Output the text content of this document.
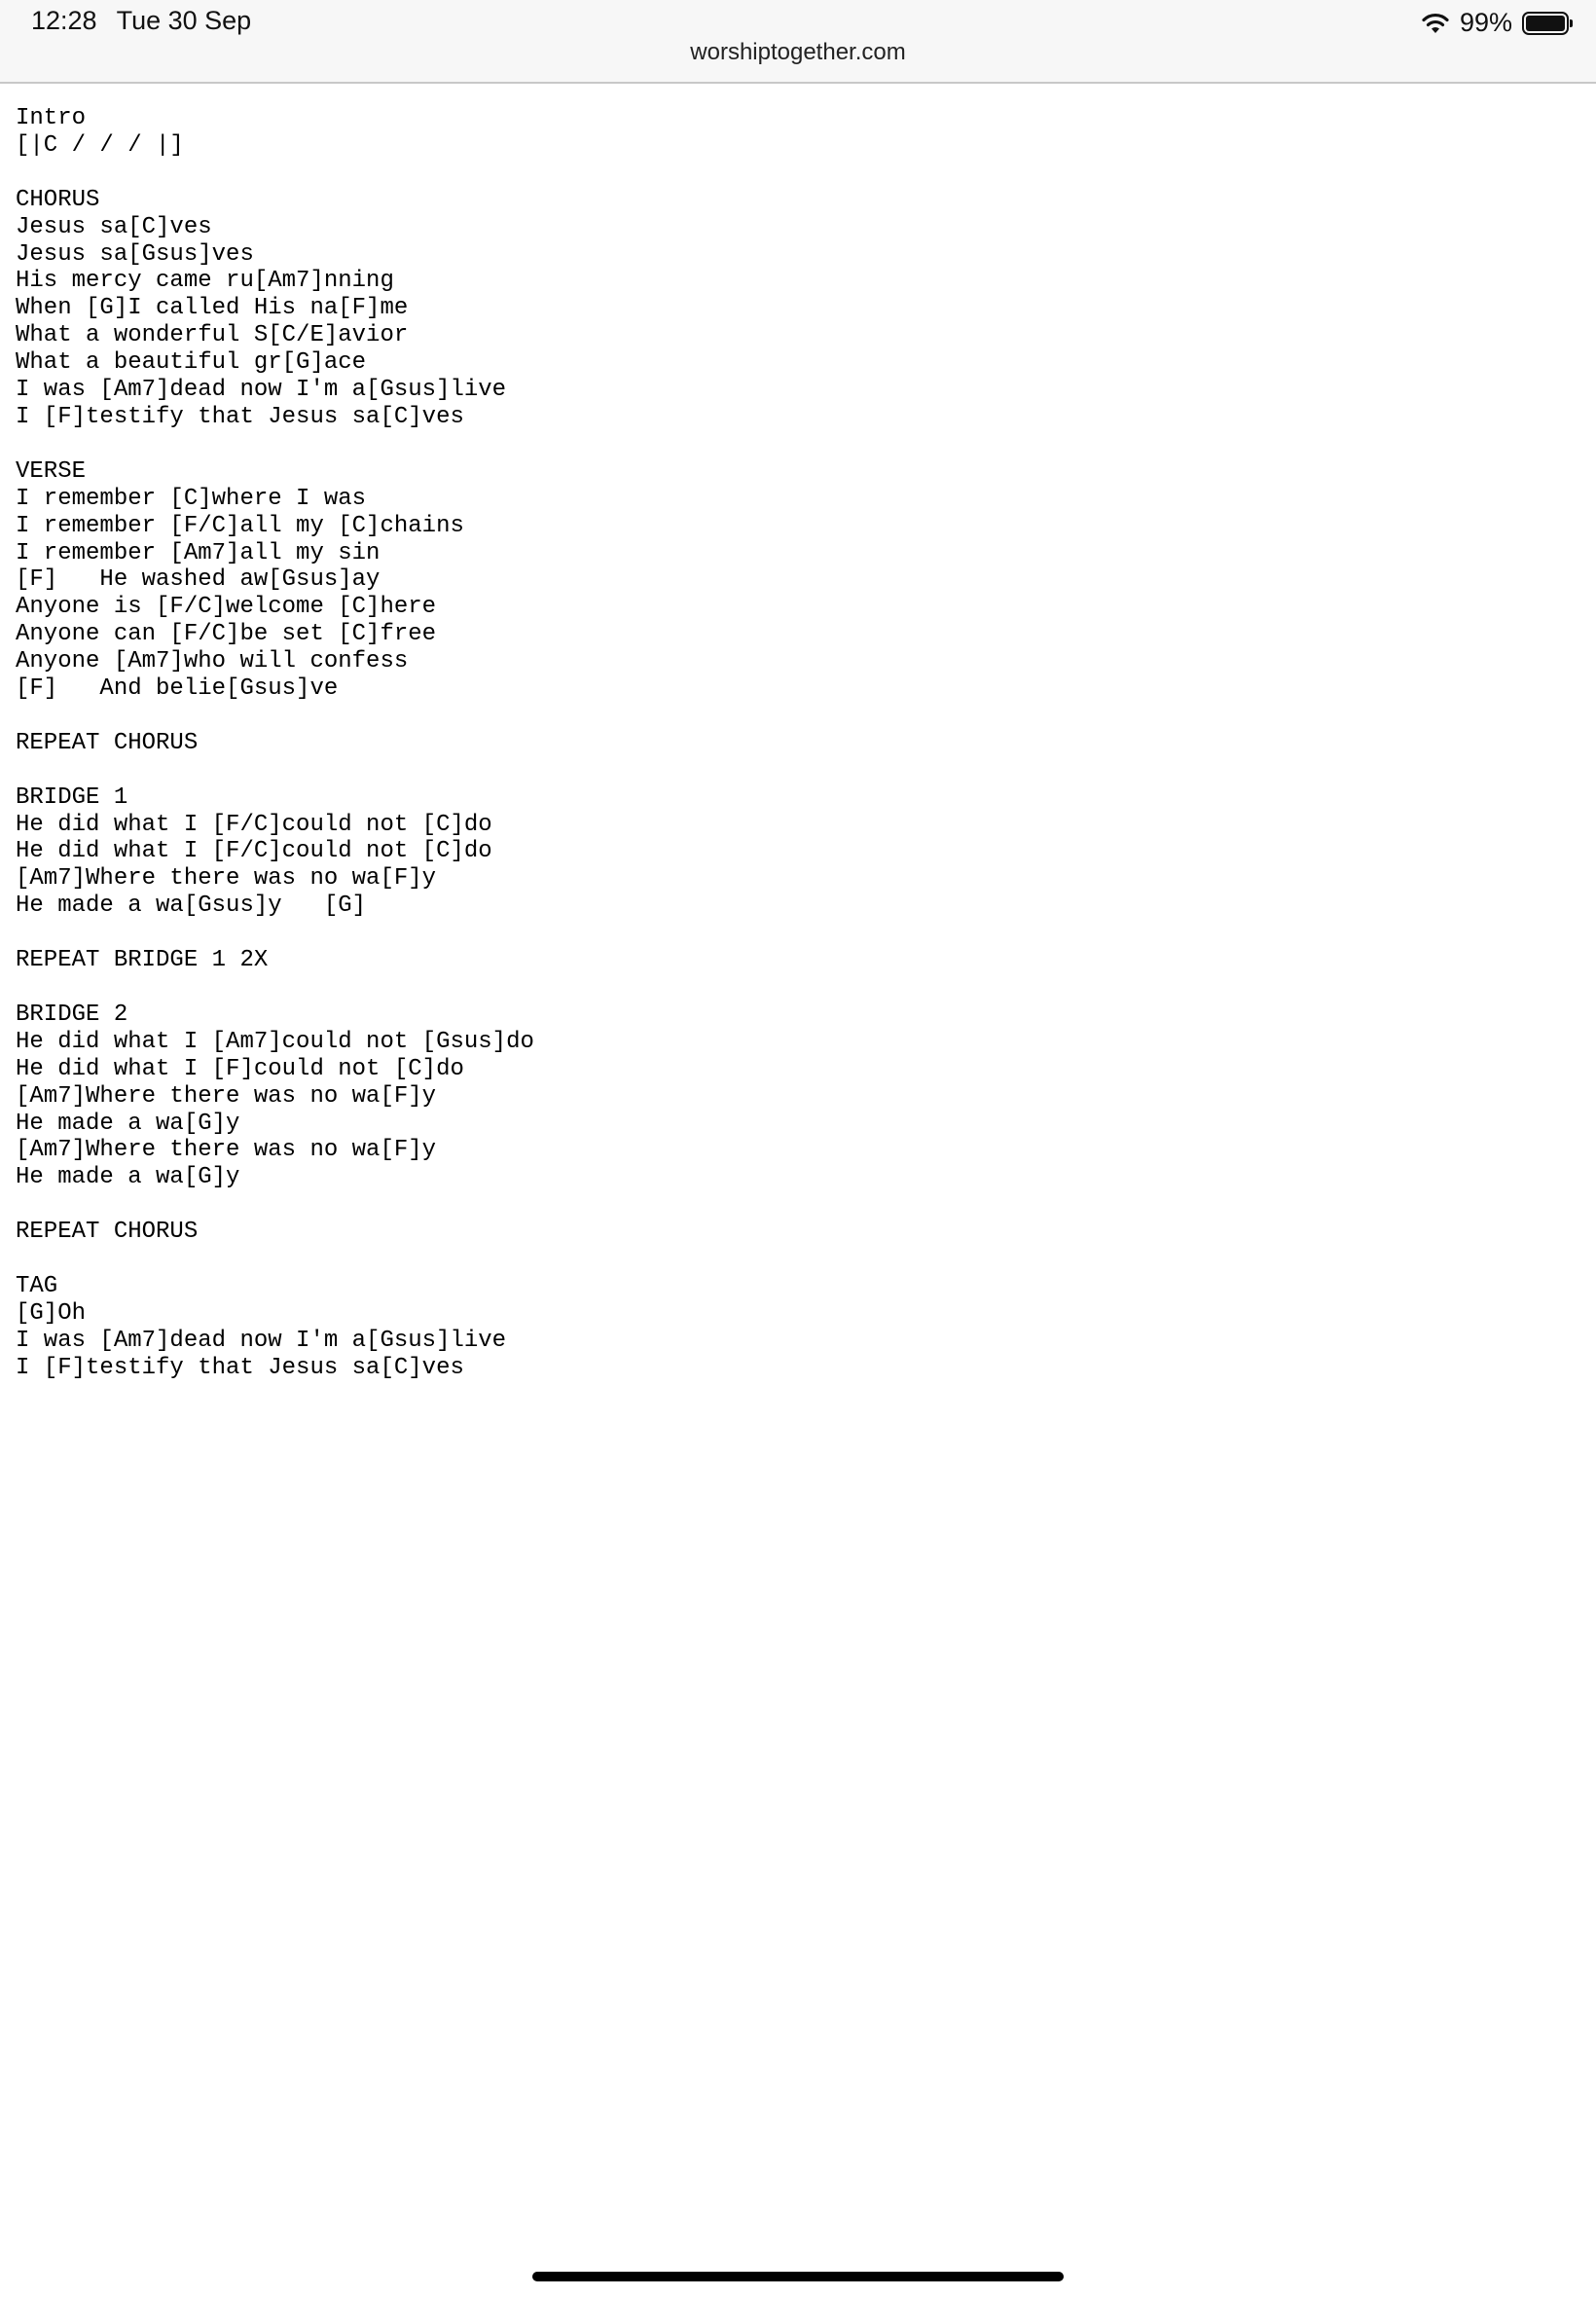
12:28 Tue 30 Sep	99%
worshiptogether.com
Intro
[|C / / / |]

CHORUS
Jesus sa[C]ves
Jesus sa[Gsus]ves
His mercy came ru[Am7]nning
When [G]I called His na[F]me
What a wonderful S[C/E]avior
What a beautiful gr[G]ace
I was [Am7]dead now I'm a[Gsus]live
I [F]testify that Jesus sa[C]ves

VERSE
I remember [C]where I was
I remember [F/C]all my [C]chains
I remember [Am7]all my sin
[F]   He washed aw[Gsus]ay
Anyone is [F/C]welcome [C]here
Anyone can [F/C]be set [C]free
Anyone [Am7]who will confess
[F]   And belie[Gsus]ve

REPEAT CHORUS

BRIDGE 1
He did what I [F/C]could not [C]do
He did what I [F/C]could not [C]do
[Am7]Where there was no wa[F]y
He made a wa[Gsus]y   [G]

REPEAT BRIDGE 1 2X

BRIDGE 2
He did what I [Am7]could not [Gsus]do
He did what I [F]could not [C]do
[Am7]Where there was no wa[F]y
He made a wa[G]y
[Am7]Where there was no wa[F]y
He made a wa[G]y

REPEAT CHORUS

TAG
[G]Oh
I was [Am7]dead now I'm a[Gsus]live
I [F]testify that Jesus sa[C]ves
